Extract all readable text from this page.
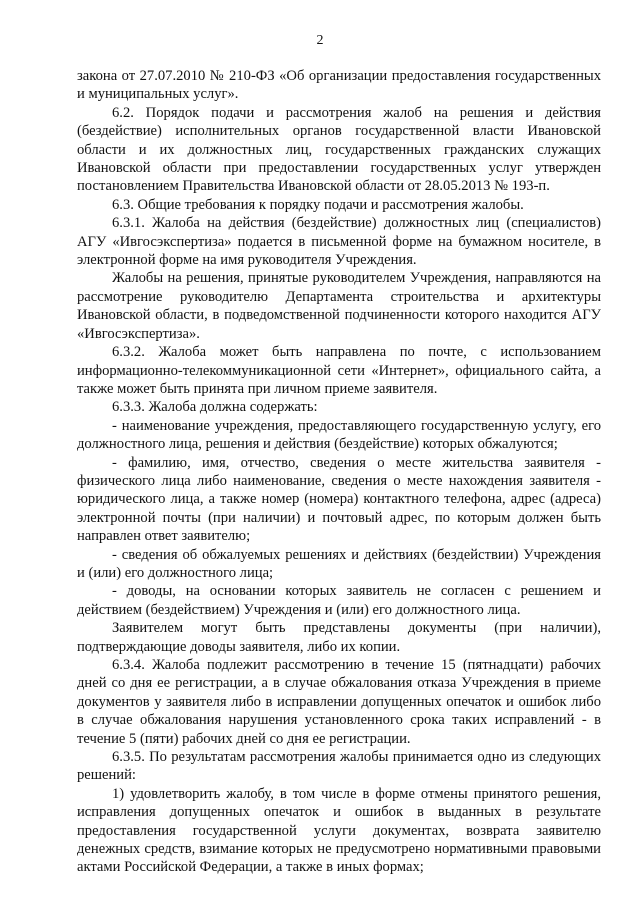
2

закона от 27.07.2010 № 210-ФЗ «Об организации предоставления государственных и муниципальных услуг».

6.2. Порядок подачи и рассмотрения жалоб на решения и действия (бездействие) исполнительных органов государственной власти Ивановской области и их должностных лиц, государственных гражданских служащих Ивановской области при предоставлении государственных услуг утвержден постановлением Правительства Ивановской области от 28.05.2013 № 193-п.

6.3. Общие требования к порядку подачи и рассмотрения жалобы.

6.3.1. Жалоба на действия (бездействие) должностных лиц (специалистов) АГУ «Ивгосэкспертиза» подается в письменной форме на бумажном носителе, в электронной форме на имя руководителя Учреждения.

Жалобы на решения, принятые руководителем Учреждения, направляются на рассмотрение руководителю Департамента строительства и архитектуры Ивановской области, в подведомственной подчиненности которого находится АГУ «Ивгосэкспертиза».

6.3.2. Жалоба может быть направлена по почте, с использованием информационно-телекоммуникационной сети «Интернет», официального сайта, а также может быть принята при личном приеме заявителя.

6.3.3. Жалоба должна содержать:

- наименование учреждения, предоставляющего государственную услугу, его должностного лица, решения и действия (бездействие) которых обжалуются;

- фамилию, имя, отчество, сведения о месте жительства заявителя - физического лица либо наименование, сведения о месте нахождения заявителя - юридического лица, а также номер (номера) контактного телефона, адрес (адреса) электронной почты (при наличии) и почтовый адрес, по которым должен быть направлен ответ заявителю;

- сведения об обжалуемых решениях и действиях (бездействии) Учреждения и (или) его должностного лица;

- доводы, на основании которых заявитель не согласен с решением и действием (бездействием) Учреждения и (или) его должностного лица.

Заявителем могут быть представлены документы (при наличии), подтверждающие доводы заявителя, либо их копии.

6.3.4. Жалоба подлежит рассмотрению в течение 15 (пятнадцати) рабочих дней со дня ее регистрации, а в случае обжалования отказа Учреждения в приеме документов у заявителя либо в исправлении допущенных опечаток и ошибок либо в случае обжалования нарушения установленного срока таких исправлений - в течение 5 (пяти) рабочих дней со дня ее регистрации.

6.3.5. По результатам рассмотрения жалобы принимается одно из следующих решений:

1) удовлетворить жалобу, в том числе в форме отмены принятого решения, исправления допущенных опечаток и ошибок в выданных в результате предоставления государственной услуги документах, возврата заявителю денежных средств, взимание которых не предусмотрено нормативными правовыми актами Российской Федерации, а также в иных формах;
